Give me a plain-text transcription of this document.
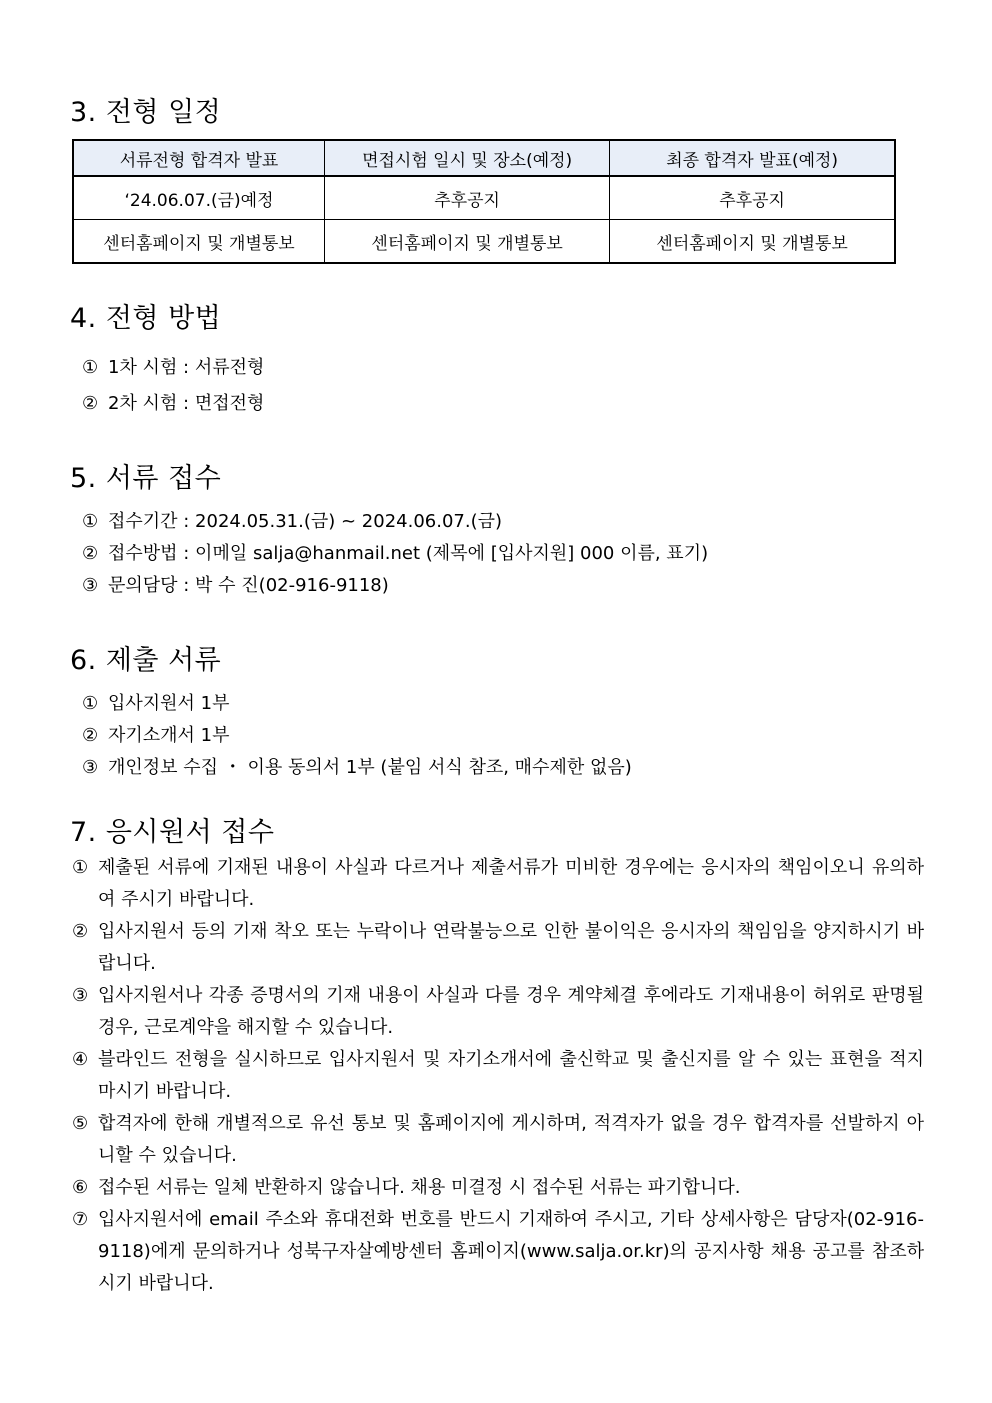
3. 전형 일정
서류전형 합격자 발표	면접시험 일시 및 장소(예정)	최종 합격자 발표(예정)
‘24.06.07.(금)예정	추후공지	추후공지
센터홈페이지 및 개별통보	센터홈페이지 및 개별통보	센터홈페이지 및 개별통보
4. 전형 방법
① 1차 시험 : 서류전형
② 2차 시험 : 면접전형
5. 서류 접수
① 접수기간 : 2024.05.31.(금) ~ 2024.06.07.(금)
② 접수방법 : 이메일 salja@hanmail.net (제목에 [입사지원] 000 이름, 표기)
③ 문의담당 : 박 수 진(02-916-9118)
6. 제출 서류
① 입사지원서 1부
② 자기소개서 1부
③ 개인정보 수집 ・ 이용 동의서 1부 (붙임 서식 참조, 매수제한 없음)
7. 응시원서 접수
① 제출된 서류에 기재된 내용이 사실과 다르거나 제출서류가 미비한 경우에는 응시자의 책임이오니 유의하여 주시기 바랍니다.
② 입사지원서 등의 기재 착오 또는 누락이나 연락불능으로 인한 불이익은 응시자의 책임임을 양지하시기 바랍니다.
③ 입사지원서나 각종 증명서의 기재 내용이 사실과 다를 경우 계약체결 후에라도 기재내용이 허위로 판명될 경우, 근로계약을 해지할 수 있습니다.
④ 블라인드 전형을 실시하므로 입사지원서 및 자기소개서에 출신학교 및 출신지를 알 수 있는 표현을 적지 마시기 바랍니다.
⑤ 합격자에 한해 개별적으로 유선 통보 및 홈페이지에 게시하며, 적격자가 없을 경우 합격자를 선발하지 아니할 수 있습니다.
⑥ 접수된 서류는 일체 반환하지 않습니다. 채용 미결정 시 접수된 서류는 파기합니다.
⑦ 입사지원서에 email 주소와 휴대전화 번호를 반드시 기재하여 주시고, 기타 상세사항은 담당자(02-916-9118)에게 문의하거나 성북구자살예방센터 홈페이지(www.salja.or.kr)의 공지사항 채용 공고를 참조하시기 바랍니다.
